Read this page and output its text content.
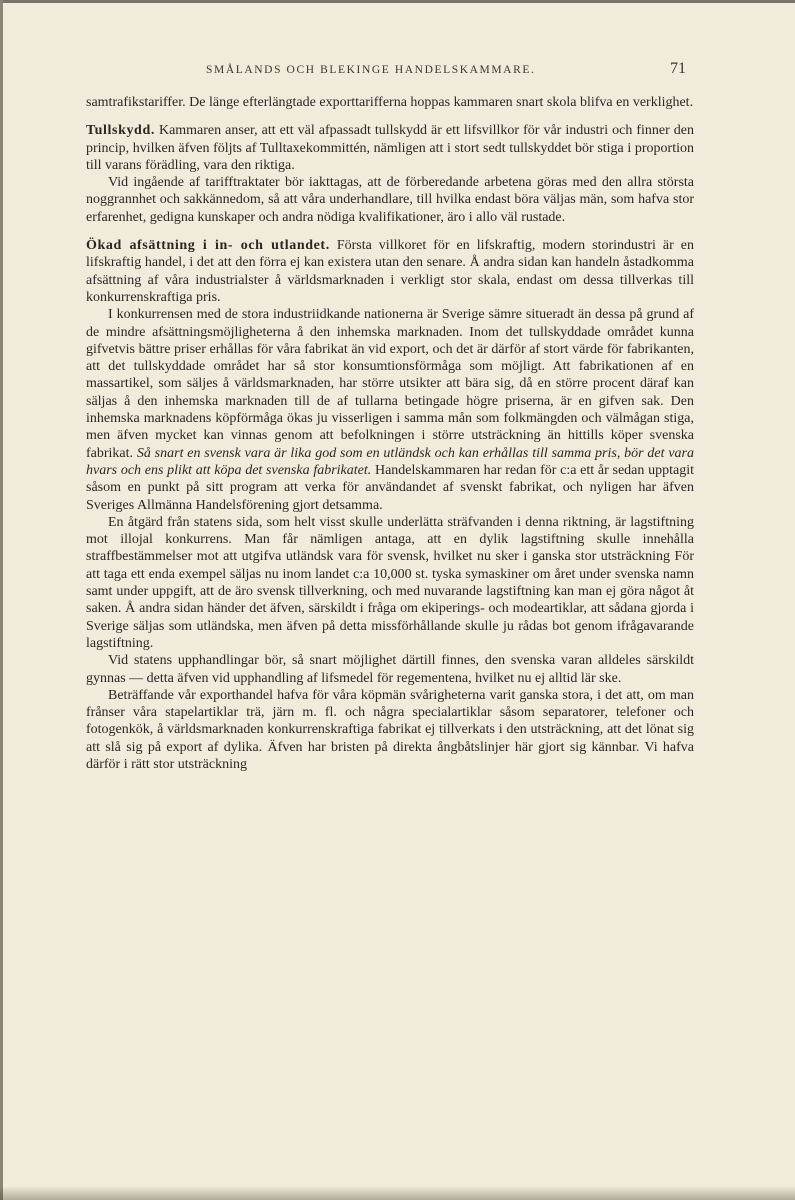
SMÅLANDS OCH BLEKINGE HANDELSKAMMARE.	71

samtrafikstariffer. De länge efterlängtade exporttarifferna hoppas kammaren snart skola blifva en verklighet.

Tullskydd. Kammaren anser, att ett väl afpassadt tullskydd är ett lifsvillkor för vår industri och finner den princip, hvilken äfven följts af Tulltaxekommittén, nämligen att i stort sedt tullskyddet bör stiga i proportion till varans förädling, vara den riktiga.

Vid ingående af tarifftraktater bör iakttagas, att de förberedande arbetena göras med den allra största noggrannhet och sakkännedom, så att våra underhandlare, till hvilka endast böra väljas män, som hafva stor erfarenhet, gedigna kunskaper och andra nödiga kvalifikationer, äro i allo väl rustade.

Ökad afsättning i in- och utlandet. Första villkoret för en lifskraftig, modern storindustri är en lifskraftig handel, i det att den förra ej kan existera utan den senare. Å andra sidan kan handeln åstadkomma afsättning af våra industrialster å världsmarknaden i verkligt stor skala, endast om dessa tillverkas till konkurrenskraftiga pris.

I konkurrensen med de stora industriidkande nationerna är Sverige sämre situeradt än dessa på grund af de mindre afsättningsmöjligheterna å den inhemska marknaden. Inom det tullskyddade området kunna gifvetvis bättre priser erhållas för våra fabrikat än vid export, och det är därför af stort värde för fabrikanten, att det tullskyddade området har så stor konsumtionsförmåga som möjligt. Att fabrikationen af en massartikel, som säljes å världsmarknaden, har större utsikter att bära sig, då en större procent däraf kan säljas å den inhemska marknaden till de af tullarna betingade högre priserna, är en gifven sak. Den inhemska marknadens köpförmåga ökas ju visserligen i samma mån som folkmängden och välmågan stiga, men äfven mycket kan vinnas genom att befolkningen i större utsträckning än hittills köper svenska fabrikat. Så snart en svensk vara är lika god som en utländsk och kan erhållas till samma pris, bör det vara hvars och ens plikt att köpa det svenska fabrikatet. Handelskammaren har redan för c:a ett år sedan upptagit såsom en punkt på sitt program att verka för användandet af svenskt fabrikat, och nyligen har äfven Sveriges Allmänna Handelsförening gjort detsamma.

En åtgärd från statens sida, som helt visst skulle underlätta sträfvanden i denna riktning, är lagstiftning mot illojal konkurrens. Man får nämligen antaga, att en dylik lagstiftning skulle innehålla straffbestämmelser mot att utgifva utländsk vara för svensk, hvilket nu sker i ganska stor utsträckning För att taga ett enda exempel säljas nu inom landet c:a 10,000 st. tyska symaskiner om året under svenska namn samt under uppgift, att de äro svensk tillverkning, och med nuvarande lagstiftning kan man ej göra något åt saken. Å andra sidan händer det äfven, särskildt i fråga om ekiperings- och modeartiklar, att sådana gjorda i Sverige säljas som utländska, men äfven på detta missförhållande skulle ju rådas bot genom ifrågavarande lagstiftning.

Vid statens upphandlingar bör, så snart möjlighet därtill finnes, den svenska varan alldeles särskildt gynnas — detta äfven vid upphandling af lifsmedel för regementena, hvilket nu ej alltid lär ske.

Beträffande vår exporthandel hafva för våra köpmän svårigheterna varit ganska stora, i det att, om man frånser våra stapelartiklar trä, järn m. fl. och några specialartiklar såsom separatorer, telefoner och fotogenkök, å världsmarknaden konkurrenskraftiga fabrikat ej tillverkats i den utsträckning, att det lönat sig att slå sig på export af dylika. Äfven har bristen på direkta ångbåtslinjer här gjort sig kännbar. Vi hafva därför i rätt stor utsträckning
